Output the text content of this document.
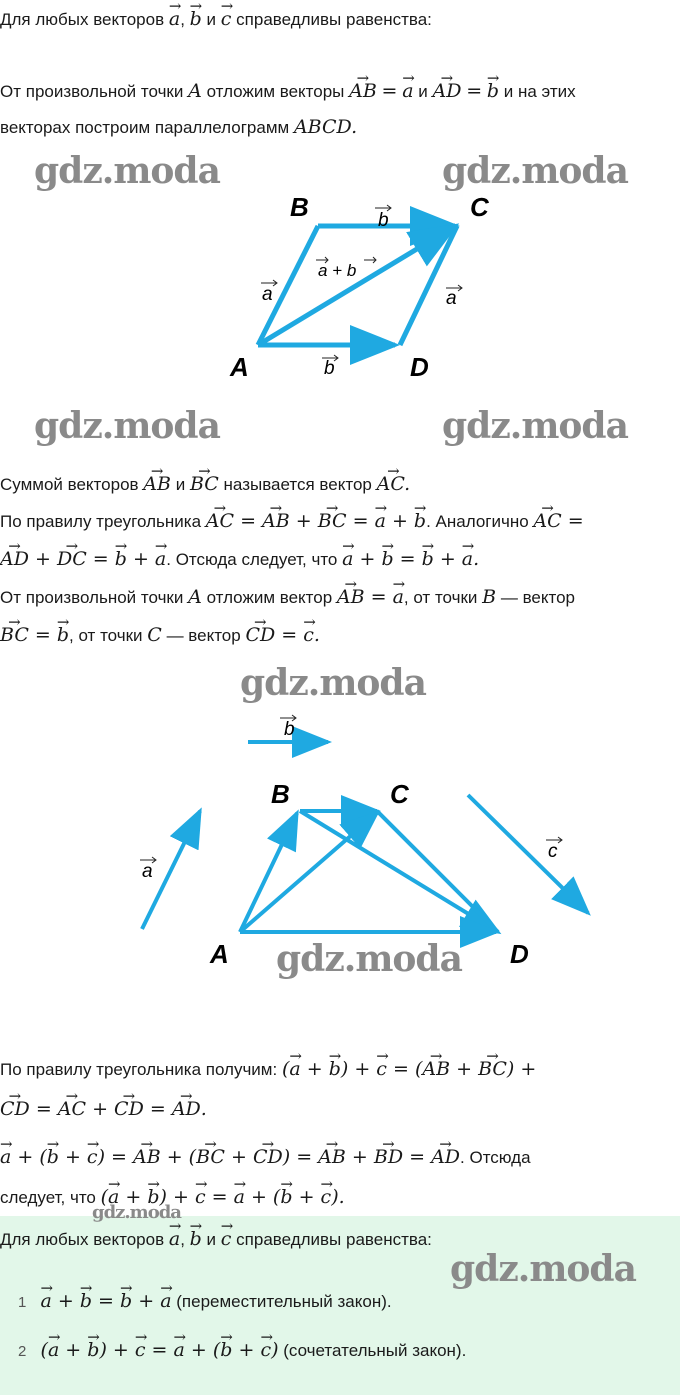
Для любых векторов → a, → b и → c справедливы равенства:
От произвольной точки A отложим векторы → AB = → a и → AD = → b и на этих
векторах построим параллелограмм ABCD.
gdz.moda	gdz.moda
gdz.moda	gdz.moda
B	C
A	D
b
b
a	a
a + b
Суммой векторов → AB и → BC называется вектор → AC.
По правилу треугольника → AC = → AB + → BC = → a + → b. Аналогично → AC =
→ AD + → DC = → b + → a. Отсюда следует, что → a + → b = → b + → a.
От произвольной точки A отложим вектор → AB = → a, от точки B — вектор
→ BC = → b, от точки C — вектор → CD = → c.
gdz.moda
B	C
A	D
b
a
c
gdz.moda
По правилу треугольника получим: (→ a + → b) + → c = (→ AB + → BC) +
→ CD = → AC + → CD = → AD.
→ a + (→ b + → c) = → AB + (→ BC + → CD) = → AB + → BD = → AD. Отсюда
следует, что (→ a + → b) + → c = → a + (→ b + → c).
gdz.moda
Для любых векторов → a, → b и → c справедливы равенства:
gdz.moda
1 → a + → b = → b + → a (переместительный закон).
2 (→ a + → b) + → c = → a + (→ b + → c) (сочетательный закон).
